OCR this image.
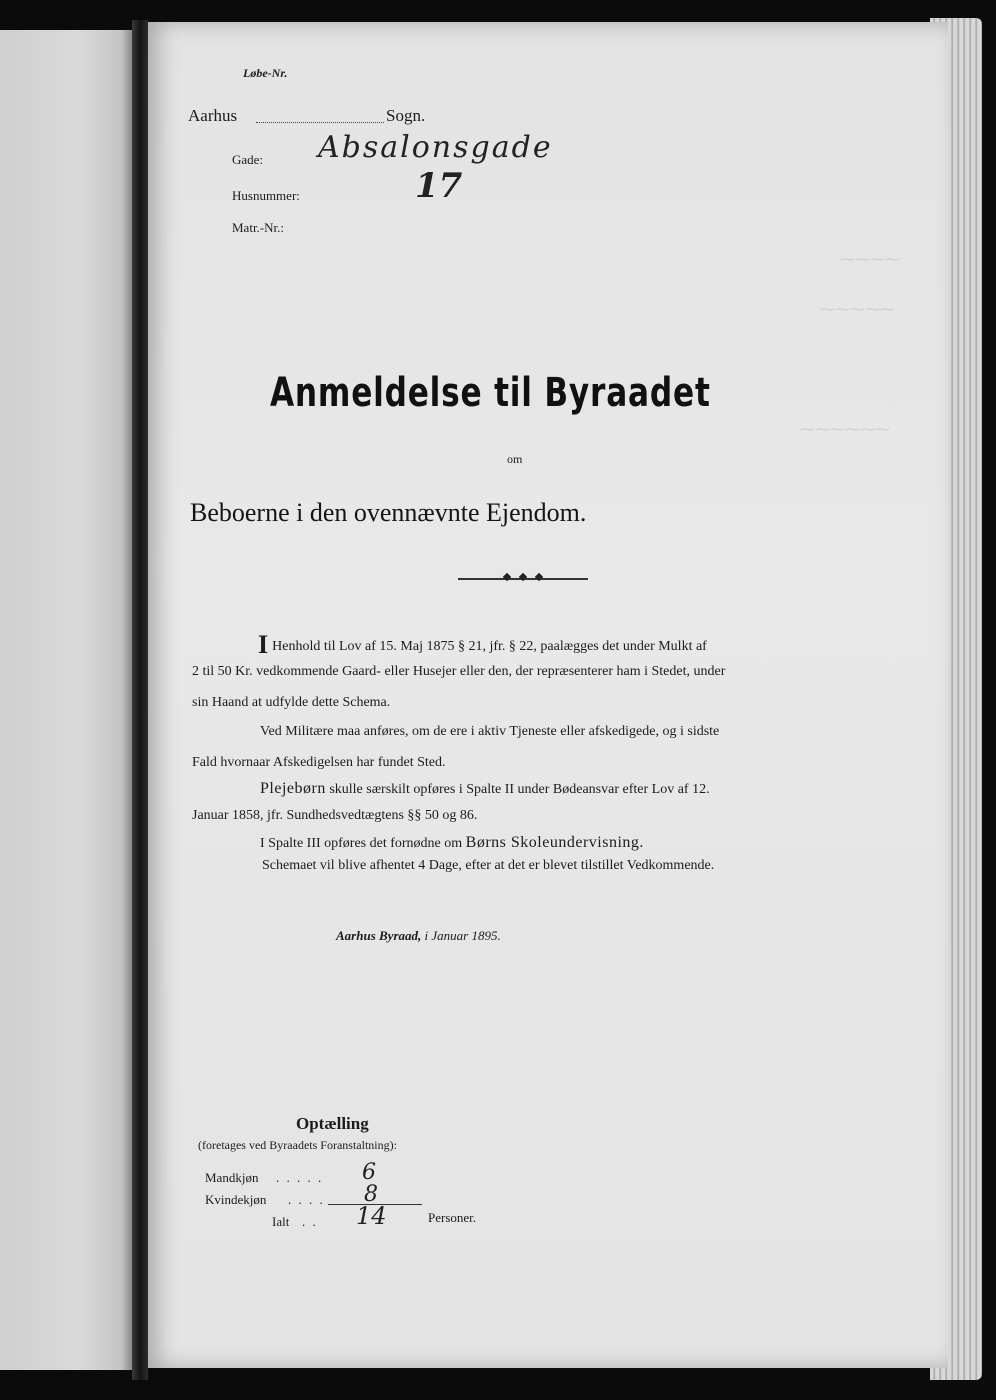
⁓⁓⁓⁓
⁓⁓⁓⁓⁓
⁓⁓⁓⁓⁓⁓
Løbe-Nr.
Aarhus	Sogn.
Gade: Absalonsgade
Husnummer:	17
Matr.-Nr.:
Anmeldelse til Byraadet
om
Beboerne i den ovennævnte Ejendom.
I Henhold til Lov af 15. Maj 1875 § 21, jfr. § 22, paalægges det under Mulkt af
2 til 50 Kr. vedkommende Gaard- eller Husejer eller den, der repræsenterer ham i Stedet, under
sin Haand at udfylde dette Schema.
Ved Militære maa anføres, om de ere i aktiv Tjeneste eller afskedigede, og i sidste
Fald hvornaar Afskedigelsen har fundet Sted.
Plejebørn skulle særskilt opføres i Spalte II under Bødeansvar efter Lov af 12.
Januar 1858, jfr. Sundhedsvedtægtens §§ 50 og 86.
I Spalte III opføres det fornødne om Børns Skoleundervisning.
Schemaet vil blive afhentet 4 Dage, efter at det er blevet tilstillet Vedkommende.
Aarhus Byraad, i Januar 1895.
Optælling
(foretages ved Byraadets Foranstaltning):
Mandkjøn . . . . . 6
Kvindekjøn . . . . 8
Ialt . . 14	Personer.
